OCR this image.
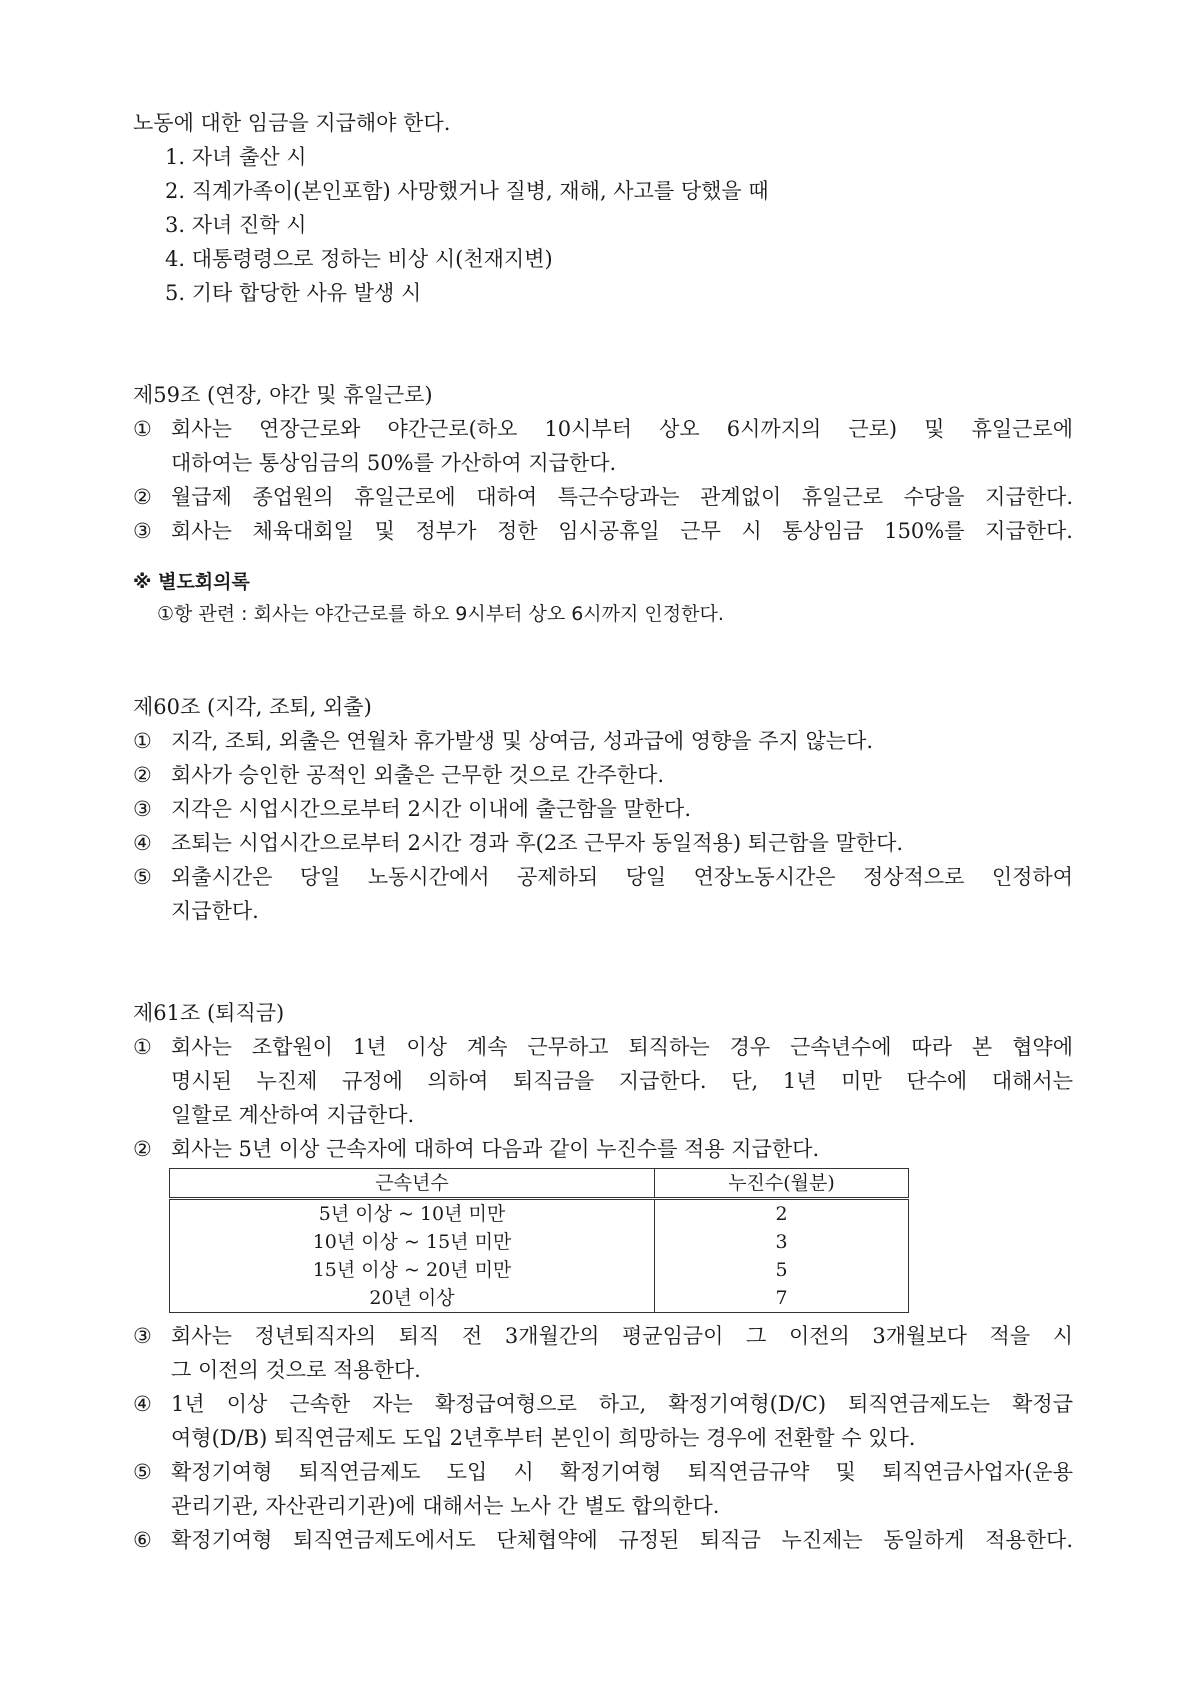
노동에 대한 임금을 지급해야 한다.
1. 자녀 출산 시
2. 직계가족이(본인포함) 사망했거나 질병, 재해, 사고를 당했을 때
3. 자녀 진학 시
4. 대통령령으로 정하는 비상 시(천재지변)
5. 기타 합당한 사유 발생 시
제59조 (연장, 야간 및 휴일근로)
① 회사는 연장근로와 야간근로(하오 10시부터 상오 6시까지의 근로) 및 휴일근로에
대하여는 통상임금의 50%를 가산하여 지급한다.
② 월급제 종업원의 휴일근로에 대하여 특근수당과는 관계없이 휴일근로 수당을 지급한다.
③ 회사는 체육대회일 및 정부가 정한 임시공휴일 근무 시 통상임금 150%를 지급한다.
※ 별도회의록
①항 관련 : 회사는 야간근로를 하오 9시부터 상오 6시까지 인정한다.
제60조 (지각, 조퇴, 외출)
① 지각, 조퇴, 외출은 연월차 휴가발생 및 상여금, 성과급에 영향을 주지 않는다.
② 회사가 승인한 공적인 외출은 근무한 것으로 간주한다.
③ 지각은 시업시간으로부터 2시간 이내에 출근함을 말한다.
④ 조퇴는 시업시간으로부터 2시간 경과 후(2조 근무자 동일적용) 퇴근함을 말한다.
⑤ 외출시간은 당일 노동시간에서 공제하되 당일 연장노동시간은 정상적으로 인정하여
지급한다.
제61조 (퇴직금)
① 회사는 조합원이 1년 이상 계속 근무하고 퇴직하는 경우 근속년수에 따라 본 협약에
명시된 누진제 규정에 의하여 퇴직금을 지급한다. 단, 1년 미만 단수에 대해서는
일할로 계산하여 지급한다.
② 회사는 5년 이상 근속자에 대하여 다음과 같이 누진수를 적용 지급한다.
근속년수	누진수(월분)
5년 이상 ~ 10년 미만	2
10년 이상 ~ 15년 미만	3
15년 이상 ~ 20년 미만	5
20년 이상	7
③ 회사는 정년퇴직자의 퇴직 전 3개월간의 평균임금이 그 이전의 3개월보다 적을 시
그 이전의 것으로 적용한다.
④ 1년 이상 근속한 자는 확정급여형으로 하고, 확정기여형(D/C) 퇴직연금제도는 확정급
여형(D/B) 퇴직연금제도 도입 2년후부터 본인이 희망하는 경우에 전환할 수 있다.
⑤ 확정기여형 퇴직연금제도 도입 시 확정기여형 퇴직연금규약 및 퇴직연금사업자(운용
관리기관, 자산관리기관)에 대해서는 노사 간 별도 합의한다.
⑥ 확정기여형 퇴직연금제도에서도 단체협약에 규정된 퇴직금 누진제는 동일하게 적용한다.
